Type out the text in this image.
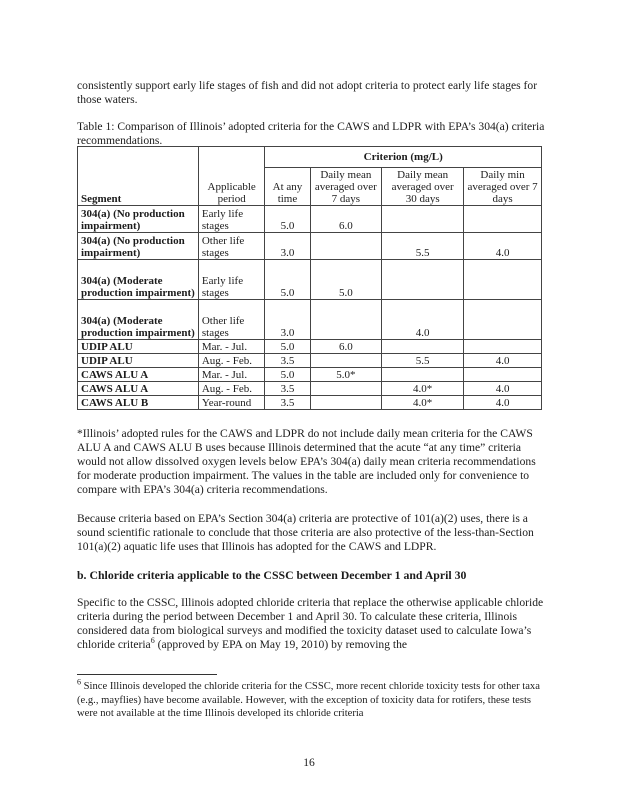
consistently support early life stages of fish and did not adopt criteria to protect early life stages for those waters.

Table 1: Comparison of Illinois’ adopted criteria for the CAWS and LDPR with EPA’s 304(a) criteria recommendations.

Segment	Applicable period	Criterion (mg/L)			
		At any time	Daily mean averaged over 7 days	Daily mean averaged over 30 days	Daily min averaged over 7 days
304(a) (No production impairment)	Early life stages	5.0	6.0		
304(a) (No production impairment)	Other life stages	3.0		5.5	4.0
304(a) (Moderate production impairment)	Early life stages	5.0	5.0		
304(a) (Moderate production impairment)	Other life stages	3.0		4.0	
UDIP ALU	Mar. - Jul.	5.0	6.0		
UDIP ALU	Aug. - Feb.	3.5		5.5	4.0
CAWS ALU A	Mar. - Jul.	5.0	5.0*		
CAWS ALU A	Aug. - Feb.	3.5		4.0*	4.0
CAWS ALU B	Year-round	3.5		4.0*	4.0

*Illinois’ adopted rules for the CAWS and LDPR do not include daily mean criteria for the CAWS ALU A and CAWS ALU B uses because Illinois determined that the acute “at any time” criteria would not allow dissolved oxygen levels below EPA’s 304(a) daily mean criteria recommendations for moderate production impairment. The values in the table are included only for convenience to compare with EPA’s 304(a) criteria recommendations.

Because criteria based on EPA’s Section 304(a) criteria are protective of 101(a)(2) uses, there is a sound scientific rationale to conclude that those criteria are also protective of the less-than-Section 101(a)(2) aquatic life uses that Illinois has adopted for the CAWS and LDPR.

b. Chloride criteria applicable to the CSSC between December 1 and April 30

Specific to the CSSC, Illinois adopted chloride criteria that replace the otherwise applicable chloride criteria during the period between December 1 and April 30. To calculate these criteria, Illinois considered data from biological surveys and modified the toxicity dataset used to calculate Iowa’s chloride criteria$^6$ (approved by EPA on May 19, 2010) by removing the

$^6$ Since Illinois developed the chloride criteria for the CSSC, more recent chloride toxicity tests for other taxa (e.g., mayflies) have become available. However, with the exception of toxicity data for rotifers, these tests were not available at the time Illinois developed its chloride criteria

16
